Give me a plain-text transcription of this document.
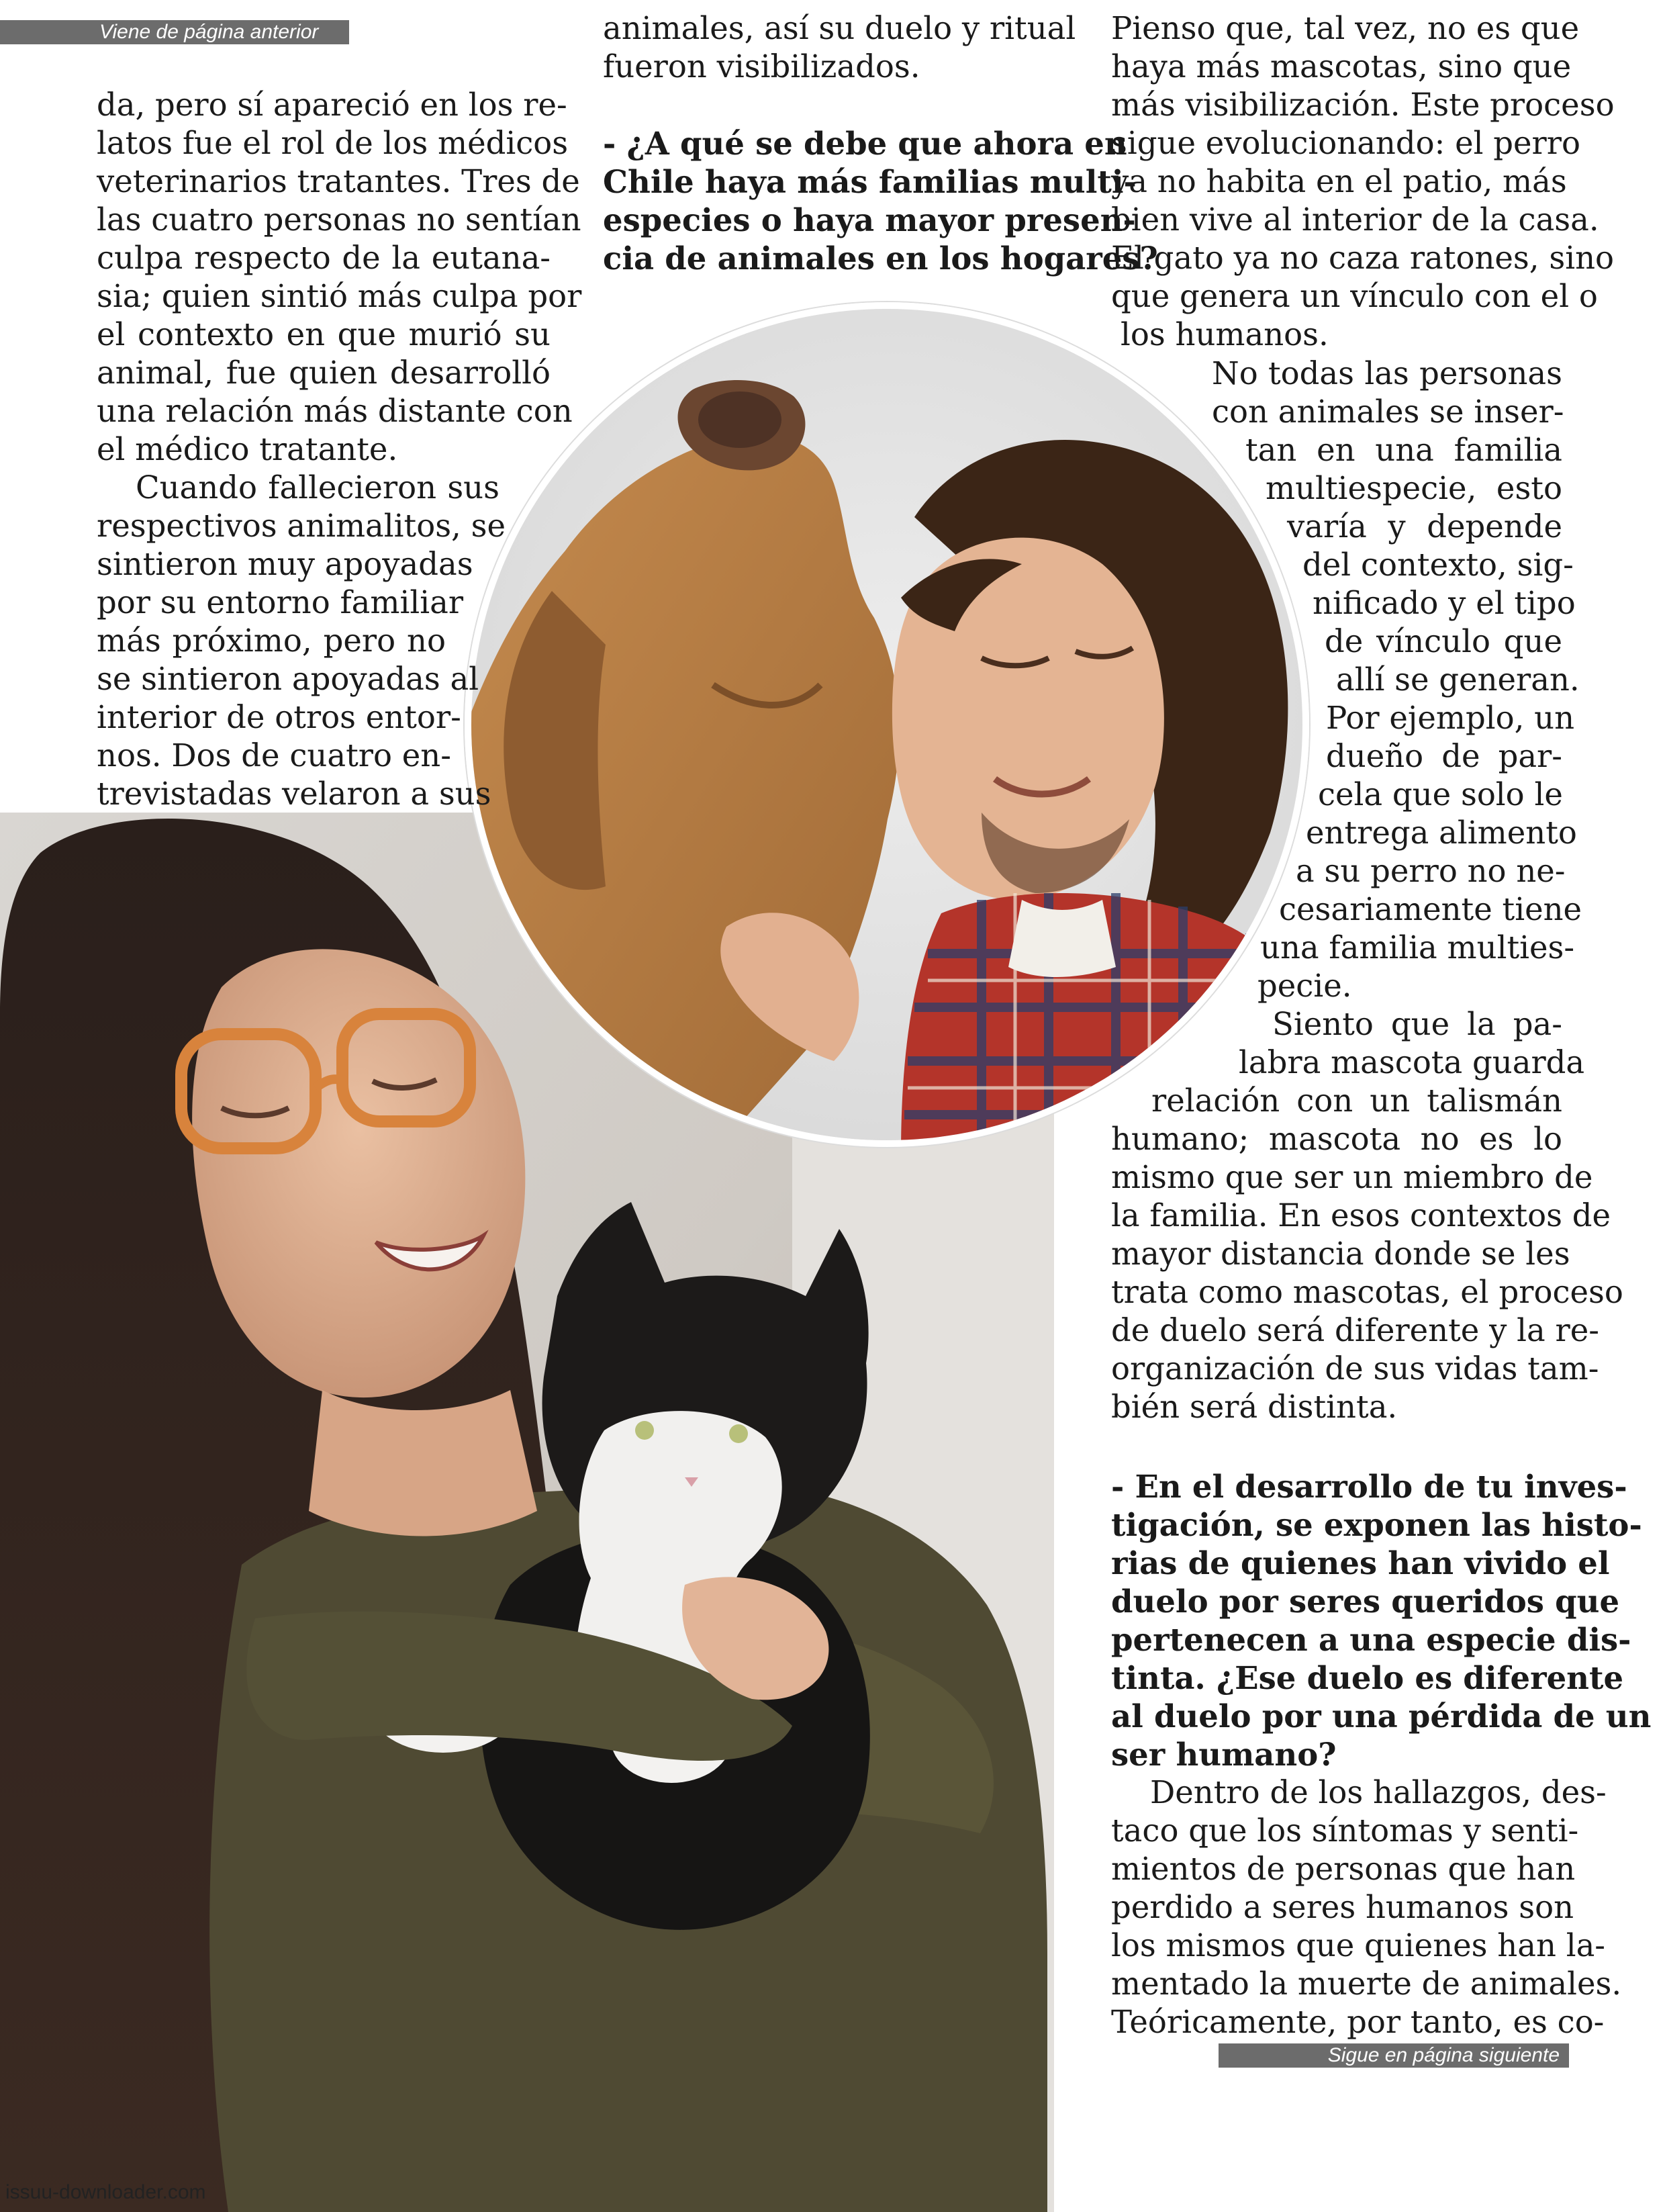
Viene de página anterior
Sigue en página siguiente
da, pero sí apareció en los re-
latos fue el rol de los médicos
veterinarios tratantes. Tres de
las cuatro personas no sentían
culpa respecto de la eutana-
sia; quien sintió más culpa por
el contexto en que murió su
animal, fue quien desarrolló
una relación más distante con
el médico tratante.
Cuando fallecieron sus
respectivos animalitos, se
sintieron muy apoyadas
por su entorno familiar
más próximo, pero no
se sintieron apoyadas al
interior de otros entor-
nos. Dos de cuatro en-
trevistadas velaron a sus
animales, así su duelo y ritual
fueron visibilizados.
- ¿A qué se debe que ahora en
Chile haya más familias multi-
especies o haya mayor presen-
cia de animales en los hogares?
Pienso que, tal vez, no es que
haya más mascotas, sino que
más visibilización. Este proceso
sigue evolucionando: el perro
ya no habita en el patio, más
bien vive al interior de la casa.
El gato ya no caza ratones, sino
que genera un vínculo con el o
los humanos.
No todas las personas
con animales se inser-
tan en una familia
multiespecie, esto
varía y depende
del contexto, sig-
nificado y el tipo
de vínculo que
allí se generan.
Por ejemplo, un
dueño de par-
cela que solo le
entrega alimento
a su perro no ne-
cesariamente tiene
una familia multies-
pecie.
Siento que la pa-
labra mascota guarda
relación con un talismán
humano; mascota no es lo
mismo que ser un miembro de
la familia. En esos contextos de
mayor distancia donde se les
trata como mascotas, el proceso
de duelo será diferente y la re-
organización de sus vidas tam-
bién será distinta.
- En el desarrollo de tu inves-
tigación, se exponen las histo-
rias de quienes han vivido el
duelo por seres queridos que
pertenecen a una especie dis-
tinta. ¿Ese duelo es diferente
al duelo por una pérdida de un
ser humano?
Dentro de los hallazgos, des-
taco que los síntomas y senti-
mientos de personas que han
perdido a seres humanos son
los mismos que quienes han la-
mentado la muerte de animales.
Teóricamente, por tanto, es co-
issuu-downloader.com
